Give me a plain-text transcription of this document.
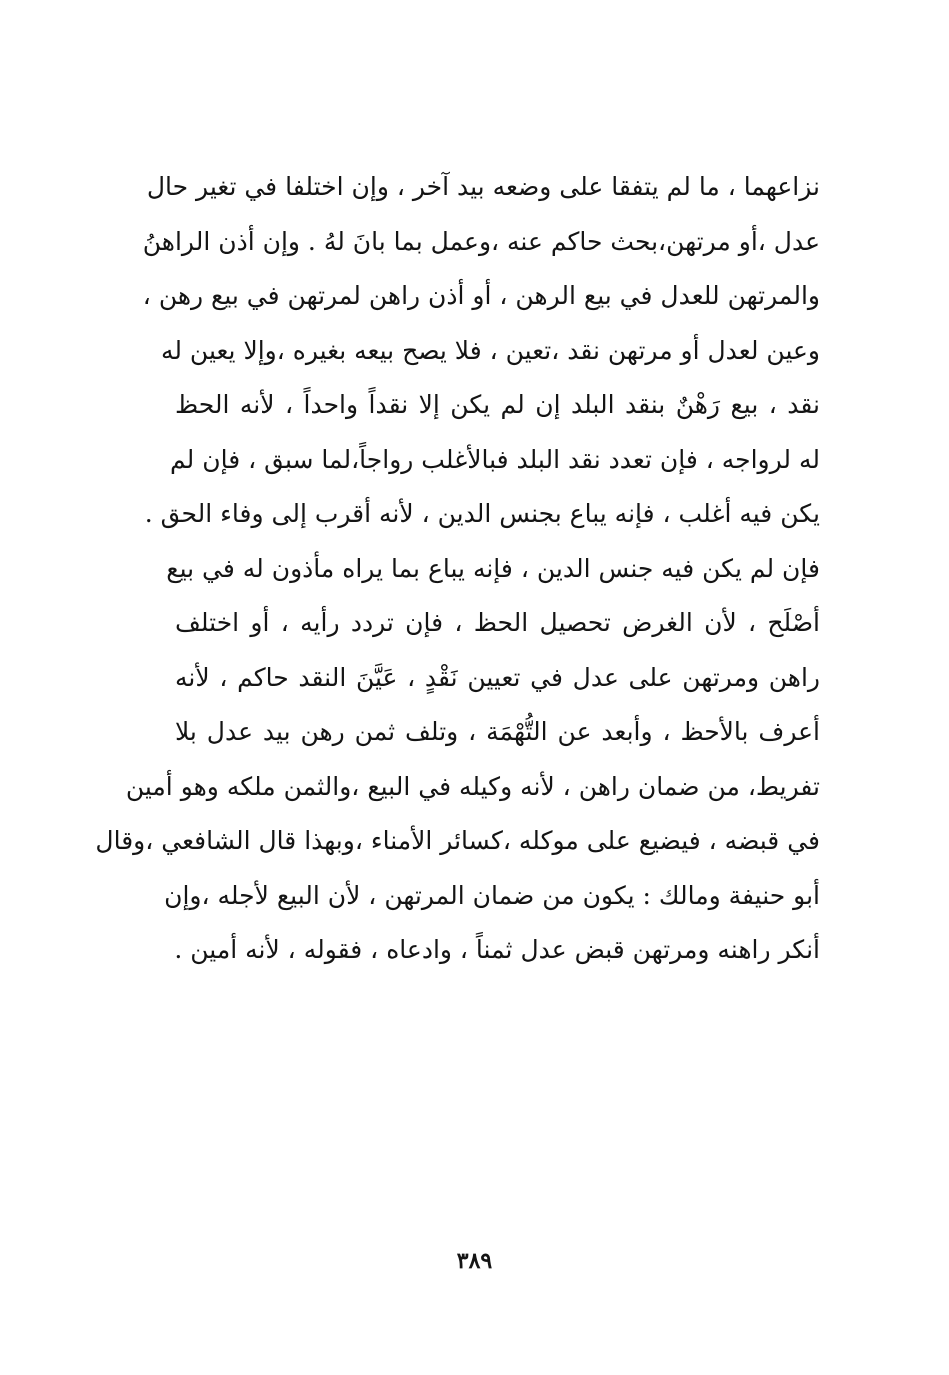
نزاعهما ، ما لم يتفقا على وضعه بيد آخر ، وإن اختلفا في تغير حال
عدل ،أو مرتهن،بحث حاكم عنه ،وعمل بما بانَ لهُ . وإن أذن الراهنُ
والمرتهن للعدل في بيع الرهن ، أو أذن راهن لمرتهن في بيع رهن ،
وعين لعدل أو مرتهن نقد ،تعين ، فلا يصح بيعه بغيره ،وإلا يعين له
نقد ، بيع رَهْنٌ بنقد البلد إن لم يكن إلا نقداً واحداً ، لأنه الحظ
له لرواجه ، فإن تعدد نقد البلد فبالأغلب رواجاً،لما سبق ، فإن لم
يكن فيه أغلب ، فإنه يباع بجنس الدين ، لأنه أقرب إلى وفاء الحق .
فإن لم يكن فيه جنس الدين ، فإنه يباع بما يراه مأذون له في بيع
أصْلَح ، لأن الغرض تحصيل الحظ ، فإن تردد رأيه ، أو اختلف
راهن ومرتهن على عدل في تعيين نَقْدٍ ، عَيَّنَ النقد حاكم ، لأنه
أعرف بالأحظ ، وأبعد عن التُّهْمَة ، وتلف ثمن رهن بيد عدل بلا
تفريط، من ضمان راهن ، لأنه وكيله في البيع ،والثمن ملكه وهو أمين
في قبضه ، فيضيع على موكله ،كسائر الأمناء ،وبهذا قال الشافعي ،وقال
أبو حنيفة ومالك : يكون من ضمان المرتهن ، لأن البيع لأجله ،وإن
أنكر راهنه ومرتهن قبض عدل ثمناً ، وادعاه ، فقوله ، لأنه أمين .
٣٨٩
